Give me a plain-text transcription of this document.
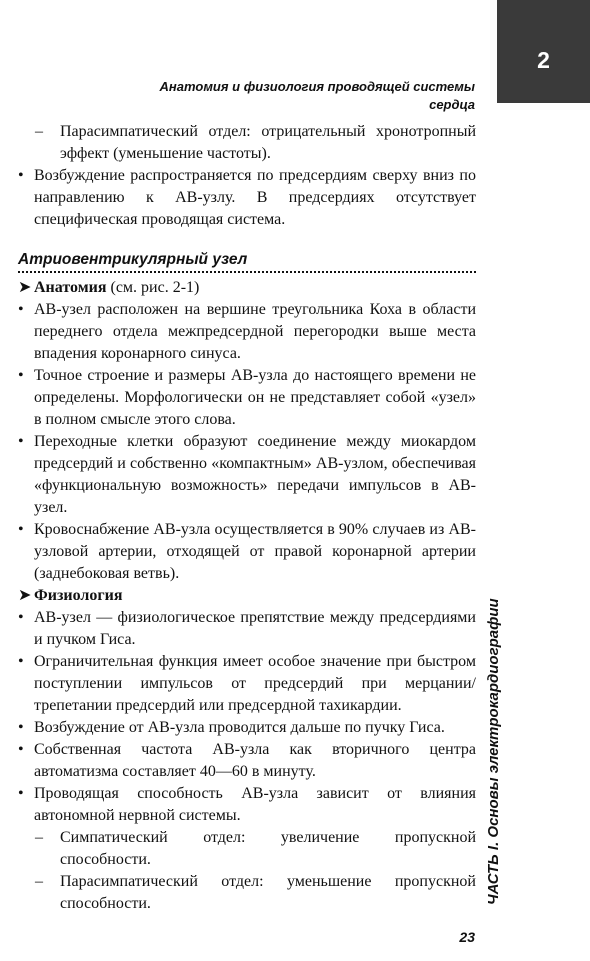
2
Анатомия и физиология проводящей системы сердца

– Парасимпатический отдел: отрицательный хронотропный эффект (уменьшение частоты).

• Возбуждение распространяется по предсердиям сверху вниз по направлению к АВ-узлу. В предсердиях отсутствует специфическая проводящая система.

Атриовентрикулярный узел

➤ Анатомия (см. рис. 2-1)

• АВ-узел расположен на вершине треугольника Коха в области переднего отдела межпредсердной перегородки выше места впадения коронарного синуса.

• Точное строение и размеры АВ-узла до настоящего времени не определены. Морфологически он не представляет собой «узел» в полном смысле этого слова.

• Переходные клетки образуют соединение между миокардом предсердий и собственно «компактным» АВ-узлом, обеспечивая «функциональную возможность» передачи импульсов в АВ-узел.

• Кровоснабжение АВ-узла осуществляется в 90% случаев из АВ-узловой артерии, отходящей от правой коронарной артерии (заднебоковая ветвь).

➤ Физиология

• АВ-узел — физиологическое препятствие между предсердиями и пучком Гиса.

• Ограничительная функция имеет особое значение при быстром поступлении импульсов от предсердий при мерцании/трепетании предсердий или предсердной тахикардии.

• Возбуждение от АВ-узла проводится дальше по пучку Гиса.

• Собственная частота АВ-узла как вторичного центра автоматизма составляет 40—60 в минуту.

• Проводящая способность АВ-узла зависит от влияния автономной нервной системы.

– Симпатический отдел: увеличение пропускной способности.

– Парасимпатический отдел: уменьшение пропускной способности.	ЧАСТЬ I. Основы электрокардиографии
23
